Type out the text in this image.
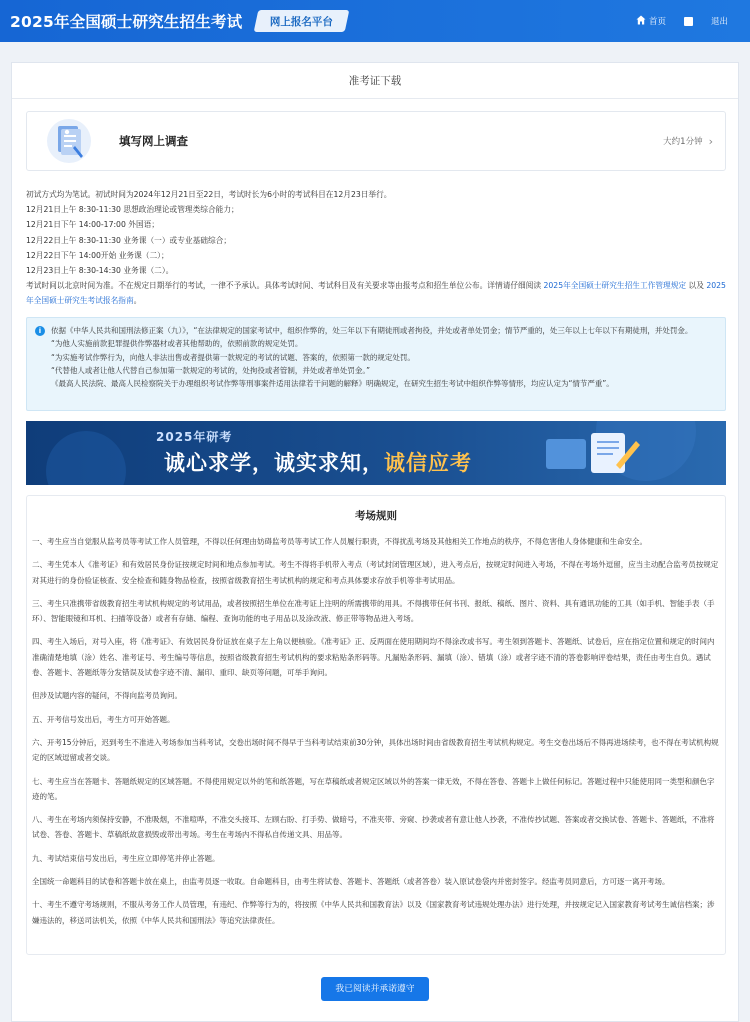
2025年全国硕士研究生招生考试	网上报名平台	首页	退出
准考证下载
填写网上调查	大约1分钟 ›
初试方式均为笔试。初试时间为2024年12月21日至22日，考试时长为6小时的考试科目在12月23日举行。
12月21日上午 8:30-11:30 思想政治理论或管理类综合能力；
12月21日下午 14:00-17:00 外国语；
12月22日上午 8:30-11:30 业务课（一）或专业基础综合；
12月22日下午 14:00开始 业务课（二）；
12月23日上午 8:30-14:30 业务课（二）。
考试时间以北京时间为准。不在规定日期举行的考试，一律不予承认。具体考试时间、考试科目及有关要求等由报考点和招生单位公布。详情请仔细阅读 2025年全国硕士研究生招生工作管理规定 以及 2025年全国硕士研究生考试报名指南。
i	依据《中华人民共和国刑法修正案（九）》，“在法律规定的国家考试中，组织作弊的，处三年以下有期徒刑或者拘役，并处或者单处罚金；情节严重的，处三年以上七年以下有期徒刑，并处罚金。
“为他人实施前款犯罪提供作弊器材或者其他帮助的，依照前款的规定处罚。
“为实施考试作弊行为，向他人非法出售或者提供第一款规定的考试的试题、答案的，依照第一款的规定处罚。
“代替他人或者让他人代替自己参加第一款规定的考试的，处拘役或者管制，并处或者单处罚金。”
《最高人民法院、最高人民检察院关于办理组织考试作弊等刑事案件适用法律若干问题的解释》明确规定，在研究生招生考试中组织作弊等情形，均应认定为“情节严重”。
2025年研考
诚心求学，诚实求知，诚信应考
考场规则

一、考生应当自觉服从监考员等考试工作人员管理，不得以任何理由妨碍监考员等考试工作人员履行职责，不得扰乱考场及其他相关工作地点的秩序，不得危害他人身体健康和生命安全。

二、考生凭本人《准考证》和有效居民身份证按规定时间和地点参加考试。考生不得将手机带入考点（考试封闭管理区域），进入考点后，按规定时间进入考场，不得在考场外逗留，应当主动配合监考员按规定对其进行的身份验证核查、安全检查和随身物品检查，按照省级教育招生考试机构的规定和考点具体要求存放手机等非考试用品。

三、考生只准携带省级教育招生考试机构规定的考试用品，或者按照招生单位在准考证上注明的所需携带的用具。不得携带任何书刊、报纸、稿纸、图片、资料、具有通讯功能的工具（如手机、智能手表（手环）、智能眼镜和耳机、扫描等设备）或者有存储、编程、查询功能的电子用品以及涂改液、修正带等物品进入考场。

四、考生入场后，对号入座，将《准考证》、有效居民身份证放在桌子左上角以便核验。《准考证》正、反两面在使用期间均不得涂改或书写。考生领到答题卡、答题纸、试卷后，应在指定位置和规定的时间内准确清楚地填（涂）姓名、准考证号、考生编号等信息，按照省级教育招生考试机构的要求粘贴条形码等。凡漏贴条形码、漏填（涂）、错填（涂）或者字迹不清的答卷影响评卷结果，责任由考生自负。遇试卷、答题卡、答题纸等分发错误及试卷字迹不清、漏印、重印、缺页等问题，可举手询问。

但涉及试题内容的疑问，不得向监考员询问。

五、开考信号发出后，考生方可开始答题。

六、开考15分钟后，迟到考生不准进入考场参加当科考试，交卷出场时间不得早于当科考试结束前30分钟，具体出场时间由省级教育招生考试机构规定。考生交卷出场后不得再进场续考，也不得在考试机构规定的区域逗留或者交谈。

七、考生应当在答题卡、答题纸规定的区域答题。不得使用规定以外的笔和纸答题，写在草稿纸或者规定区域以外的答案一律无效，不得在答卷、答题卡上做任何标记。答题过程中只能使用同一类型和颜色字迹的笔。

八、考生在考场内须保持安静，不准吸烟，不准喧哗，不准交头接耳、左顾右盼、打手势、做暗号，不准夹带、旁窥、抄袭或者有意让他人抄袭，不准传抄试题、答案或者交换试卷、答题卡、答题纸，不准将试卷、答卷、答题卡、草稿纸故意损毁或带出考场。考生在考场内不得私自传递文具、用品等。

九、考试结束信号发出后，考生应立即停笔并停止答题。

全国统一命题科目的试卷和答题卡放在桌上，由监考员逐一收取。自命题科目，由考生将试卷、答题卡、答题纸（或者答卷）装入原试卷袋内并密封签字。经监考员同意后，方可逐一离开考场。

十、考生不遵守考场规则，不服从考务工作人员管理，有违纪、作弊等行为的，将按照《中华人民共和国教育法》以及《国家教育考试违规处理办法》进行处理，并按规定记入国家教育考试考生诚信档案；涉嫌违法的，移送司法机关，依照《中华人民共和国刑法》等追究法律责任。

我已阅读并承诺遵守
